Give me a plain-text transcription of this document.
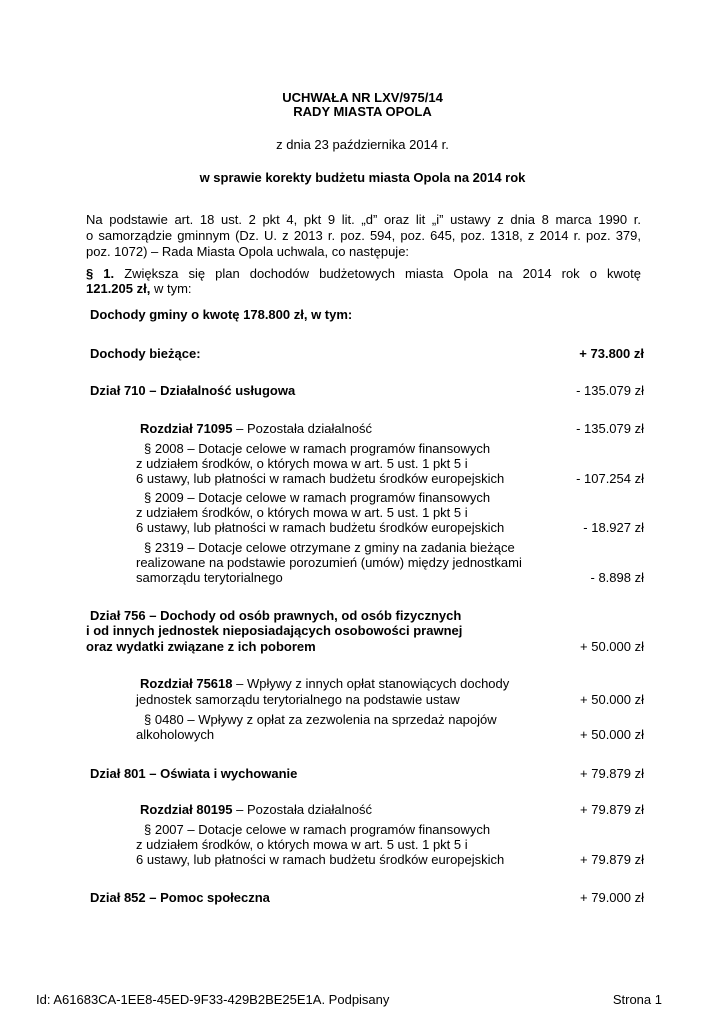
UCHWAŁA NR LXV/975/14
RADY MIASTA OPOLA
z dnia 23 października 2014 r.
w sprawie korekty budżetu miasta Opola na 2014 rok
Na podstawie art. 18 ust. 2 pkt 4, pkt 9 lit. „d” oraz lit „i” ustawy z dnia 8 marca 1990 r.
o samorządzie gminnym (Dz. U. z 2013 r. poz. 594, poz. 645, poz. 1318, z 2014 r. poz. 379,
poz. 1072) – Rada Miasta Opola uchwala, co następuje:
§ 1. Zwiększa się plan dochodów budżetowych miasta Opola na 2014 rok o kwotę
121.205 zł, w tym:
Dochody gminy o kwotę 178.800 zł, w tym:
Dochody bieżące:	+ 73.800 zł
Dział 710 – Działalność usługowa	- 135.079 zł
Rozdział 71095 – Pozostała działalność	- 135.079 zł
§ 2008 – Dotacje celowe w ramach programów finansowych
z udziałem środków, o których mowa w art. 5 ust. 1 pkt 5 i
6 ustawy, lub płatności w ramach budżetu środków europejskich	- 107.254 zł
§ 2009 – Dotacje celowe w ramach programów finansowych
z udziałem środków, o których mowa w art. 5 ust. 1 pkt 5 i
6 ustawy, lub płatności w ramach budżetu środków europejskich	- 18.927 zł
§ 2319 – Dotacje celowe otrzymane z gminy na zadania bieżące
realizowane na podstawie porozumień (umów) między jednostkami
samorządu terytorialnego	- 8.898 zł
Dział 756 – Dochody od osób prawnych, od osób fizycznych
i od innych jednostek nieposiadających osobowości prawnej
oraz wydatki związane z ich poborem	+ 50.000 zł
Rozdział 75618 – Wpływy z innych opłat stanowiących dochody
jednostek samorządu terytorialnego na podstawie ustaw	+ 50.000 zł
§ 0480 – Wpływy z opłat za zezwolenia na sprzedaż napojów
alkoholowych	+ 50.000 zł
Dział 801 – Oświata i wychowanie	+ 79.879 zł
Rozdział 80195 – Pozostała działalność	+ 79.879 zł
§ 2007 – Dotacje celowe w ramach programów finansowych
z udziałem środków, o których mowa w art. 5 ust. 1 pkt 5 i
6 ustawy, lub płatności w ramach budżetu środków europejskich	+ 79.879 zł
Dział 852 – Pomoc społeczna	+ 79.000 zł
Id: A61683CA-1EE8-45ED-9F33-429B2BE25E1A. Podpisany	Strona 1
